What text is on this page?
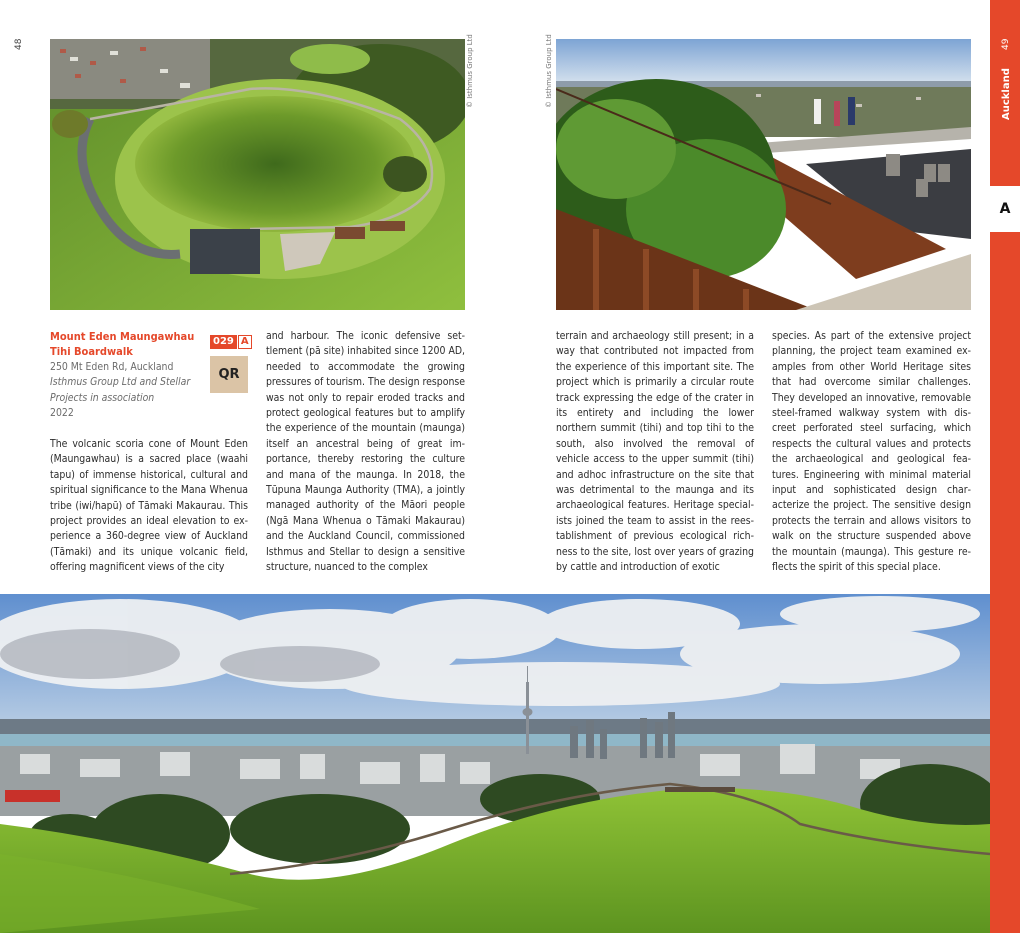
48	© Isthmus Group Ltd	© Isthmus Group Ltd
Mount Eden Maungawhau
Tihi Boardwalk
250 Mt Eden Rd, Auckland
Isthmus Group Ltd and Stellar
Projects in association
2022
029 A
QR

The volcanic scoria cone of Mount Eden (Maungawhau) is a sacred place (waahi tapu) of immense historical, cultural and spiritual significance to the Mana Whenua tribe (iwi/hapū) of Tāmaki Makaurau. This project provides an ideal elevation to experience a 360-degree view of Auckland (Tāmaki) and its unique volcanic field, offering magnificent views of the city

and harbour. The iconic defensive settlement (pā site) inhabited since 1200 AD, needed to accommodate the growing pressures of tourism. The design response was not only to repair eroded tracks and protect geological features but to amplify the experience of the mountain (maunga) itself an ancestral being of great importance, thereby restoring the culture and mana of the maunga. In 2018, the Tūpuna Maunga Authority (TMA), a jointly managed authority of the Māori people (Ngā Mana Whenua o Tāmaki Makaurau) and the Auckland Council, commissioned Isthmus and Stellar to design a sensitive structure, nuanced to the complex

terrain and archaeology still present; in a way that contributed not impacted from the experience of this important site. The project which is primarily a circular route track expressing the edge of the crater in its entirety and including the lower northern summit (tihi) and top tihi to the south, also involved the removal of vehicle access to the upper summit (tihi) and adhoc infrastructure on the site that was detrimental to the maunga and its archaeological features. Heritage specialists joined the team to assist in the reestablishment of previous ecological richness to the site, lost over years of grazing by cattle and introduction of exotic

species. As part of the extensive project planning, the project team examined examples from other World Heritage sites that had overcome similar challenges. They developed an innovative, removable steel-framed walkway system with discreet perforated steel surfacing, which respects the cultural values and protects the archaeological and geological features. Engineering with minimal material input and sophisticated design characterize the project. The sensitive design protects the terrain and allows visitors to walk on the structure suspended above the mountain (maunga). This gesture reflects the spirit of this special place.

A
49
Auckland
